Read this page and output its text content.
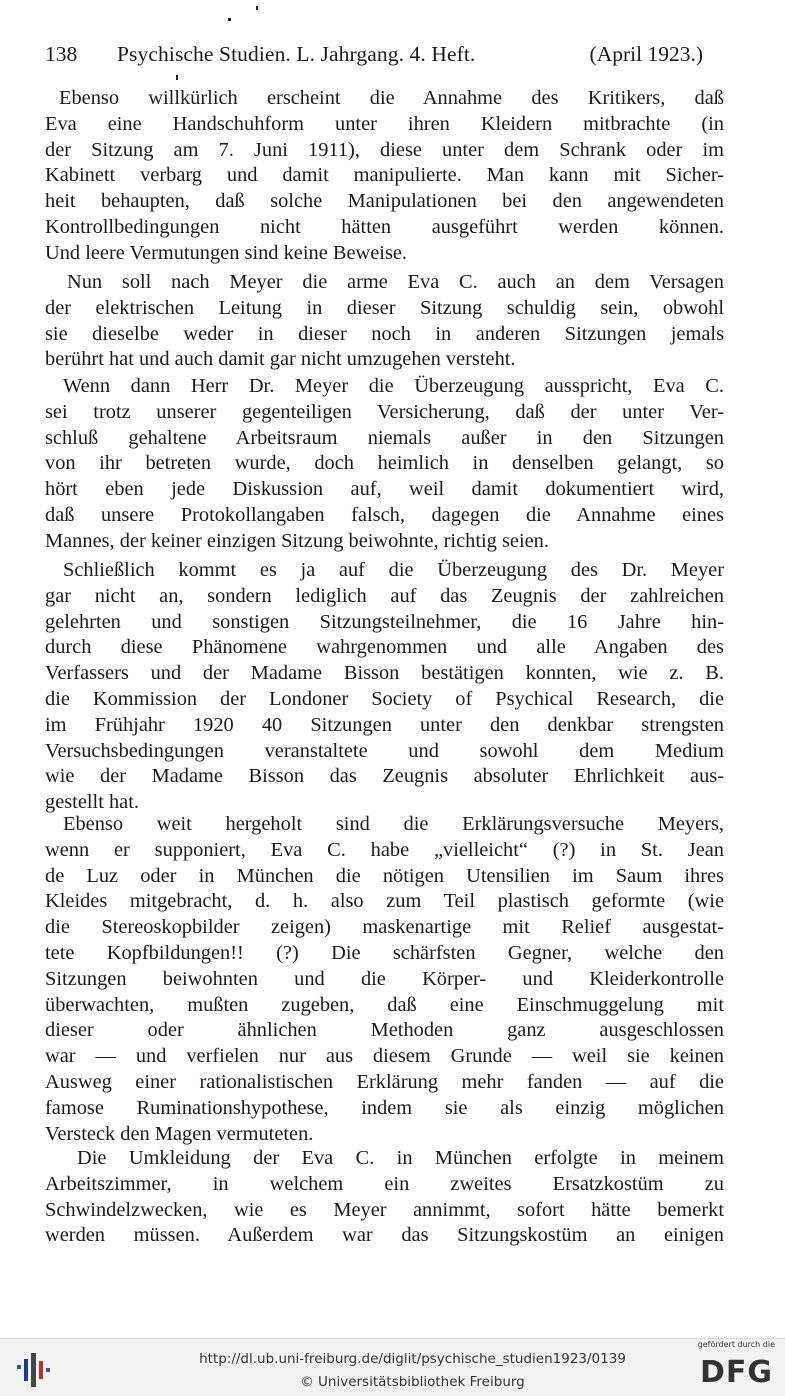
138 Psychische Studien. L. Jahrgang. 4. Heft.	(April 1923.)
Ebenso willkürlich erscheint die Annahme des Kritikers, daß
Eva eine Handschuhform unter ihren Kleidern mitbrachte (in
der Sitzung am 7. Juni 1911), diese unter dem Schrank oder im
Kabinett verbarg und damit manipulierte. Man kann mit Sicher-
heit behaupten, daß solche Manipulationen bei den angewendeten
Kontrollbedingungen nicht hätten ausgeführt werden können.
Und leere Vermutungen sind keine Beweise.
Nun soll nach Meyer die arme Eva C. auch an dem Versagen
der elektrischen Leitung in dieser Sitzung schuldig sein, obwohl
sie dieselbe weder in dieser noch in anderen Sitzungen jemals
berührt hat und auch damit gar nicht umzugehen versteht.
Wenn dann Herr Dr. Meyer die Überzeugung ausspricht, Eva C.
sei trotz unserer gegenteiligen Versicherung, daß der unter Ver-
schluß gehaltene Arbeitsraum niemals außer in den Sitzungen
von ihr betreten wurde, doch heimlich in denselben gelangt, so
hört eben jede Diskussion auf, weil damit dokumentiert wird,
daß unsere Protokollangaben falsch, dagegen die Annahme eines
Mannes, der keiner einzigen Sitzung beiwohnte, richtig seien.
Schließlich kommt es ja auf die Überzeugung des Dr. Meyer
gar nicht an, sondern lediglich auf das Zeugnis der zahlreichen
gelehrten und sonstigen Sitzungsteilnehmer, die 16 Jahre hin-
durch diese Phänomene wahrgenommen und alle Angaben des
Verfassers und der Madame Bisson bestätigen konnten, wie z. B.
die Kommission der Londoner Society of Psychical Research, die
im Frühjahr 1920 40 Sitzungen unter den denkbar strengsten
Versuchsbedingungen veranstaltete und sowohl dem Medium
wie der Madame Bisson das Zeugnis absoluter Ehrlichkeit aus-
gestellt hat.
Ebenso weit hergeholt sind die Erklärungsversuche Meyers,
wenn er supponiert, Eva C. habe „vielleicht“ (?) in St. Jean
de Luz oder in München die nötigen Utensilien im Saum ihres
Kleides mitgebracht, d. h. also zum Teil plastisch geformte (wie
die Stereoskopbilder zeigen) maskenartige mit Relief ausgestat-
tete Kopfbildungen!! (?) Die schärfsten Gegner, welche den
Sitzungen beiwohnten und die Körper- und Kleiderkontrolle
überwachten, mußten zugeben, daß eine Einschmuggelung mit
dieser oder ähnlichen Methoden ganz ausgeschlossen
war — und verfielen nur aus diesem Grunde — weil sie keinen
Ausweg einer rationalistischen Erklärung mehr fanden — auf die
famose Ruminationshypothese, indem sie als einzig möglichen
Versteck den Magen vermuteten.
Die Umkleidung der Eva C. in München erfolgte in meinem
Arbeitszimmer, in welchem ein zweites Ersatzkostüm zu
Schwindelzwecken, wie es Meyer annimmt, sofort hätte bemerkt
werden müssen. Außerdem war das Sitzungskostüm an einigen
http://dl.ub.uni-freiburg.de/diglit/psychische_studien1923/0139
© Universitätsbibliothek Freiburg
gefördert durch die
DFG
